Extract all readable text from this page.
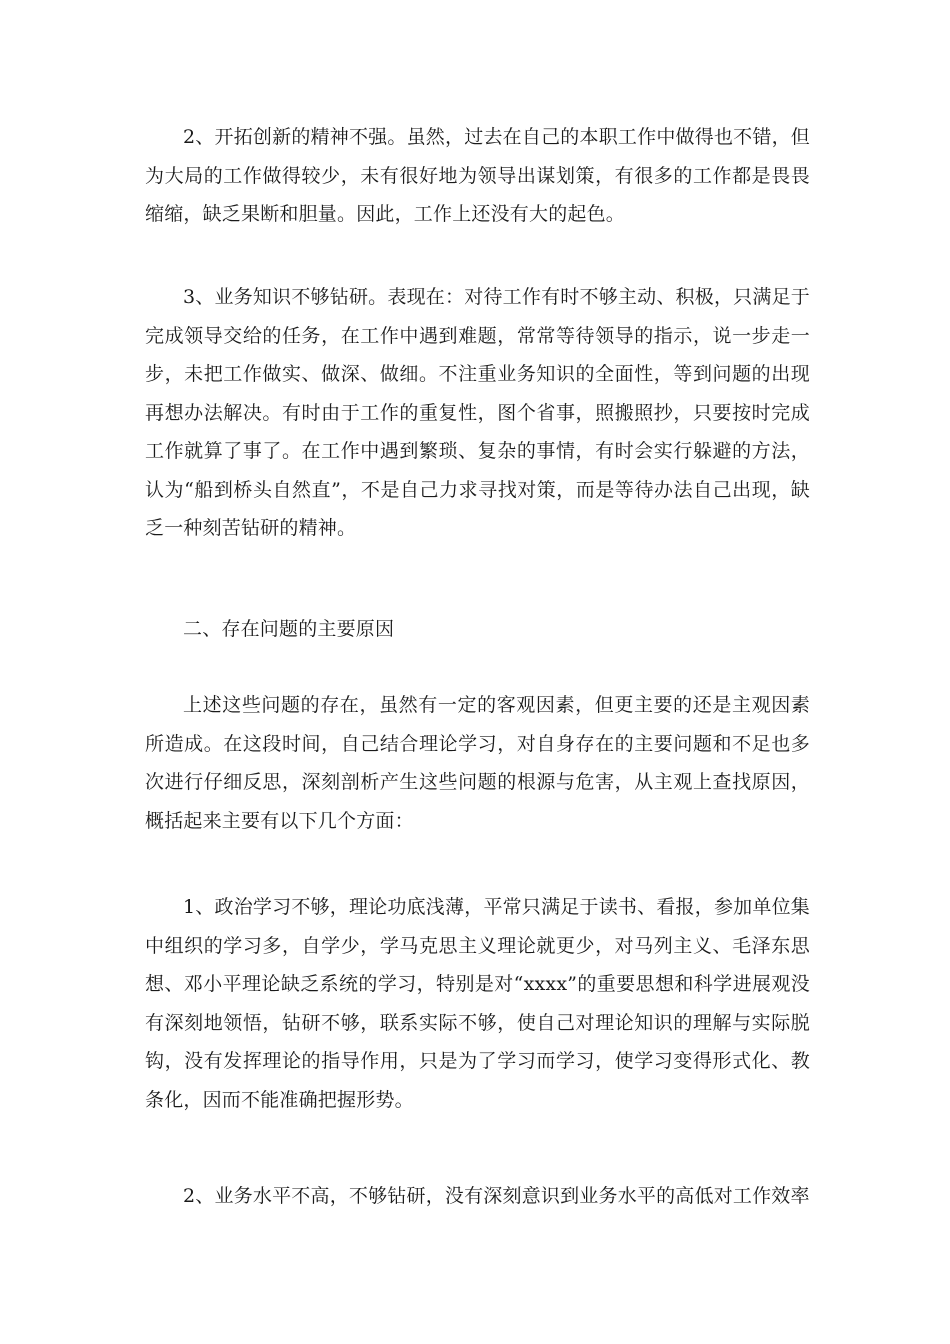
2、开拓创新的精神不强。虽然，过去在自己的本职工作中做得也不错，但为大局的工作做得较少，未有很好地为领导出谋划策，有很多的工作都是畏畏缩缩，缺乏果断和胆量。因此，工作上还没有大的起色。

3、业务知识不够钻研。表现在：对待工作有时不够主动、积极，只满足于完成领导交给的任务，在工作中遇到难题，常常等待领导的指示，说一步走一步，未把工作做实、做深、做细。不注重业务知识的全面性，等到问题的出现再想办法解决。有时由于工作的重复性，图个省事，照搬照抄，只要按时完成工作就算了事了。在工作中遇到繁琐、复杂的事情，有时会实行躲避的方法，认为“船到桥头自然直”，不是自己力求寻找对策，而是等待办法自己出现，缺乏一种刻苦钻研的精神。

二、存在问题的主要原因

上述这些问题的存在，虽然有一定的客观因素，但更主要的还是主观因素所造成。在这段时间，自己结合理论学习，对自身存在的主要问题和不足也多次进行仔细反思，深刻剖析产生这些问题的根源与危害，从主观上查找原因，概括起来主要有以下几个方面：

1、政治学习不够，理论功底浅薄，平常只满足于读书、看报，参加单位集中组织的学习多，自学少，学马克思主义理论就更少，对马列主义、毛泽东思想、邓小平理论缺乏系统的学习，特别是对“xxxx”的重要思想和科学进展观没有深刻地领悟，钻研不够，联系实际不够，使自己对理论知识的理解与实际脱钩，没有发挥理论的指导作用，只是为了学习而学习，使学习变得形式化、教条化，因而不能准确把握形势。

2、业务水平不高，不够钻研，没有深刻意识到业务水平的高低对工作效率
